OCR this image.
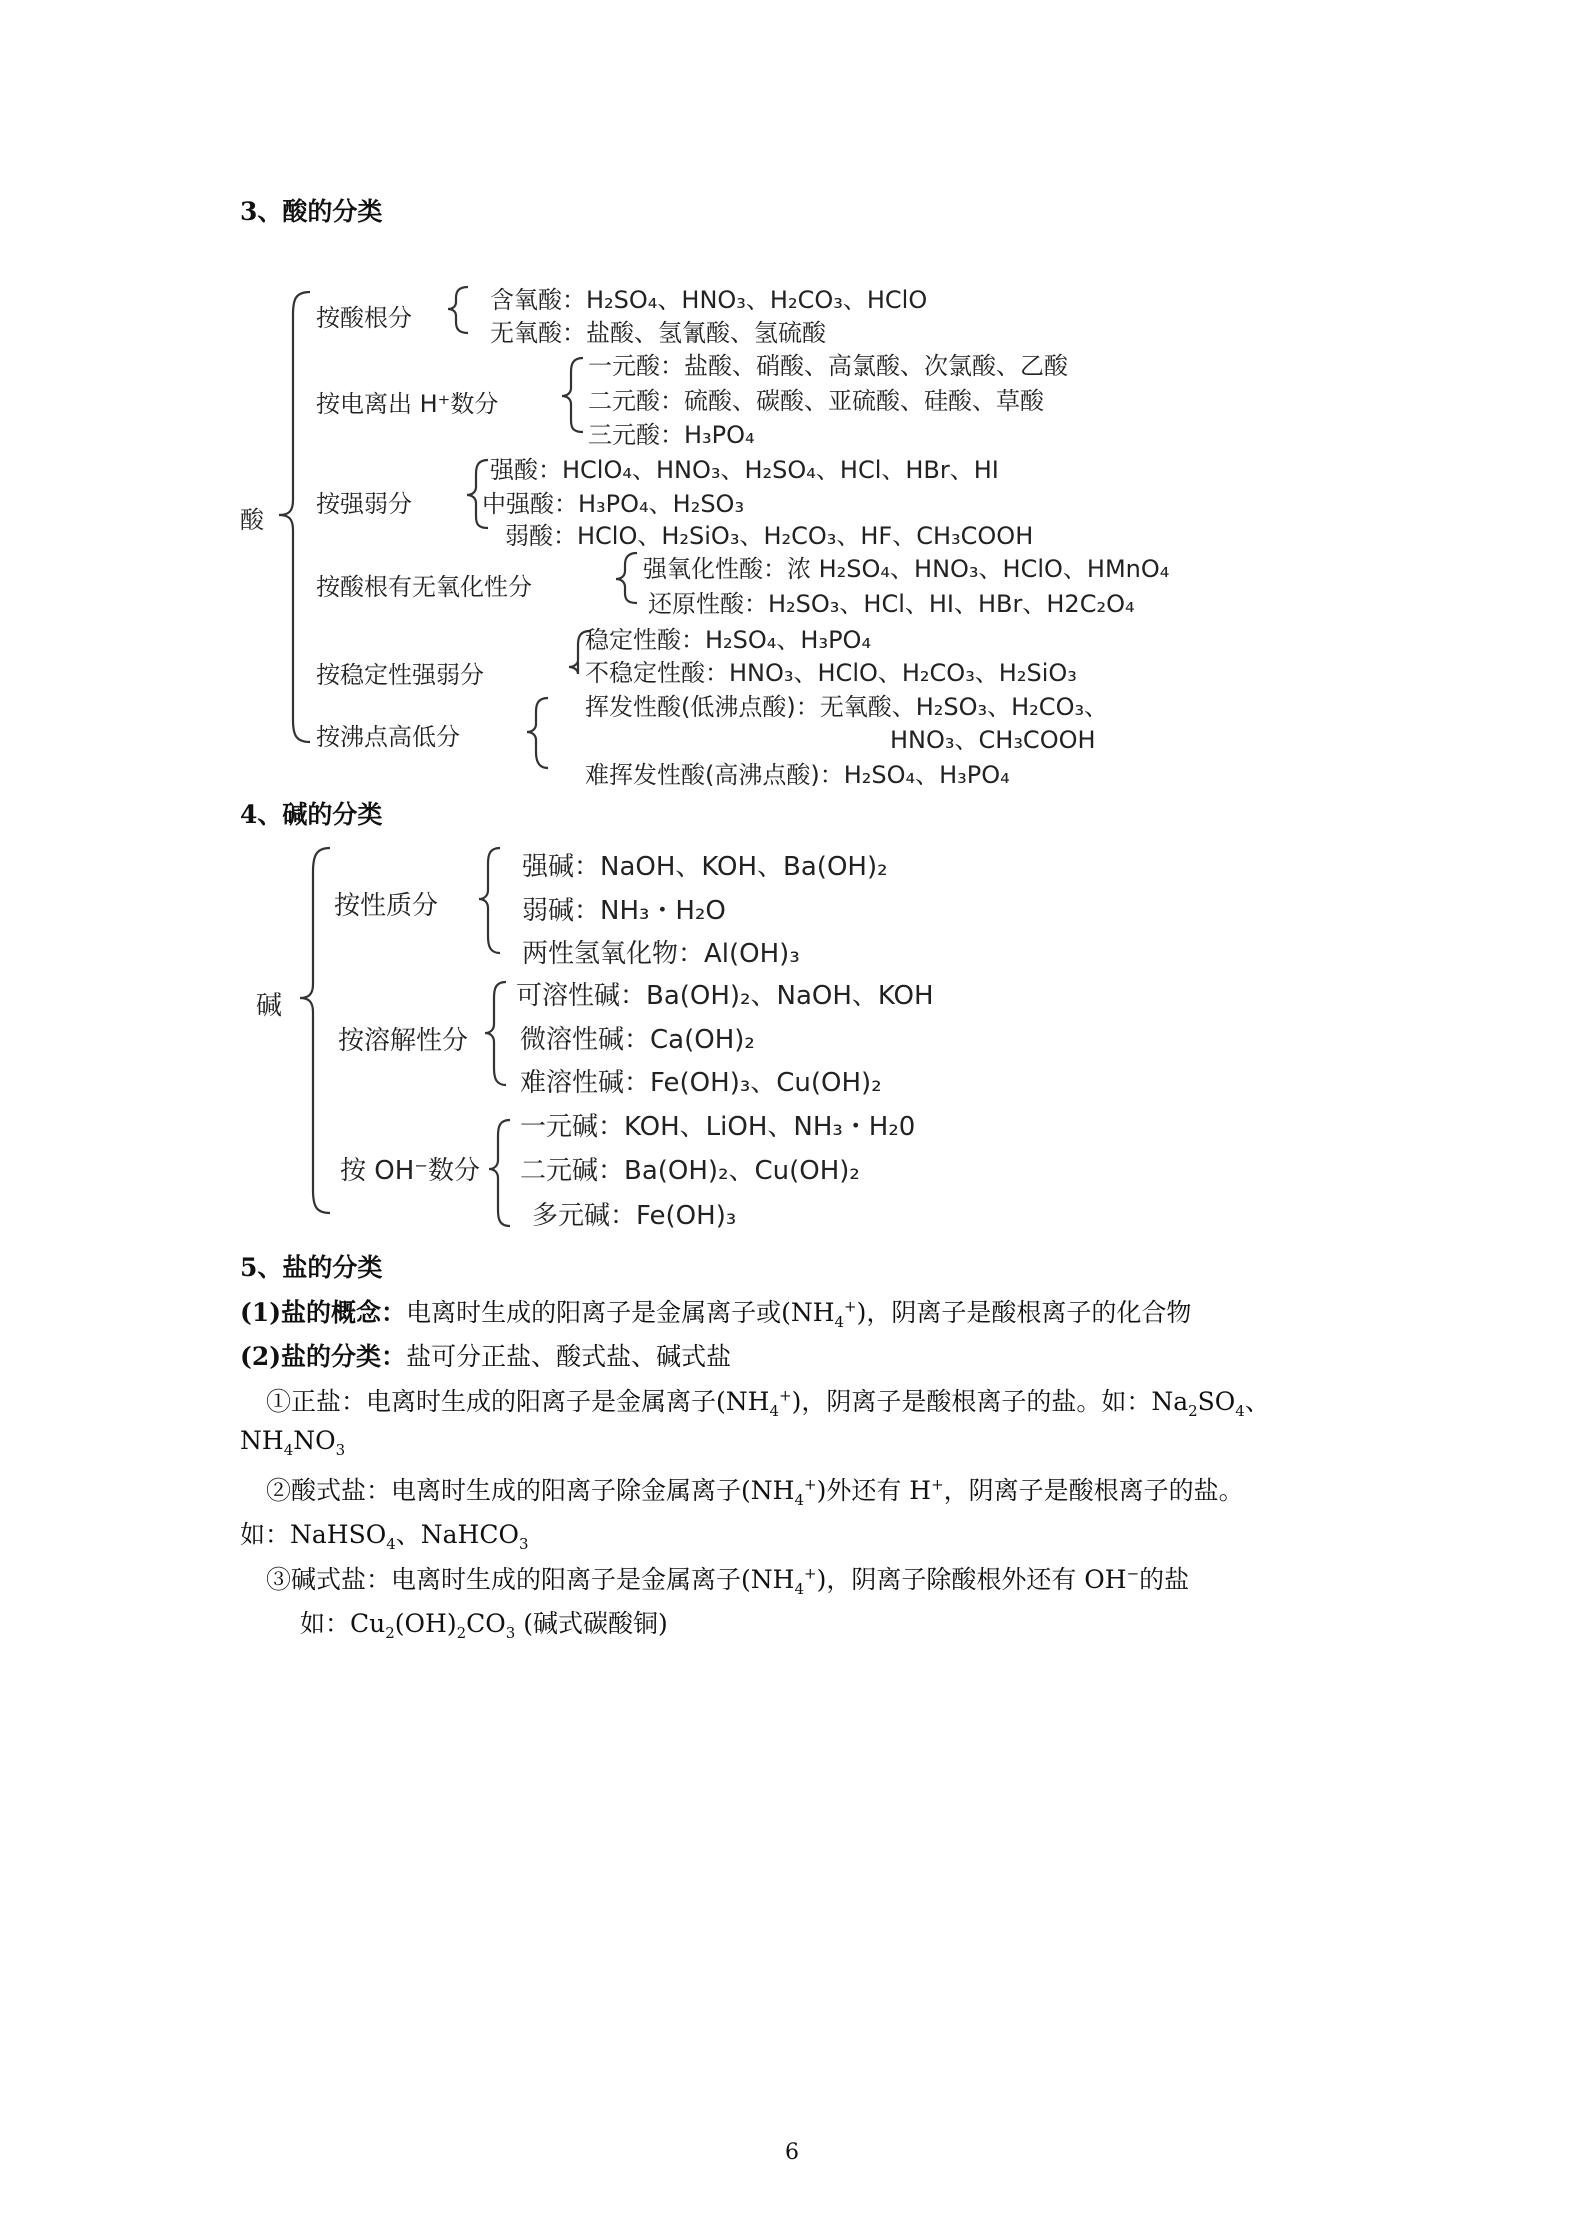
3、酸的分类
酸
按酸根分
含氧酸：H₂SO₄、HNO₃、H₂CO₃、HClO
无氧酸：盐酸、氢氰酸、氢硫酸
按电离出 H⁺数分
一元酸：盐酸、硝酸、高氯酸、次氯酸、乙酸
二元酸：硫酸、碳酸、亚硫酸、硅酸、草酸
三元酸：H₃PO₄
按强弱分
强酸：HClO₄、HNO₃、H₂SO₄、HCl、HBr、HI
中强酸：H₃PO₄、H₂SO₃
弱酸：HClO、H₂SiO₃、H₂CO₃、HF、CH₃COOH
按酸根有无氧化性分
强氧化性酸：浓 H₂SO₄、HNO₃、HClO、HMnO₄
还原性酸：H₂SO₃、HCl、HI、HBr、H2C₂O₄
按稳定性强弱分
稳定性酸：H₂SO₄、H₃PO₄
不稳定性酸：HNO₃、HClO、H₂CO₃、H₂SiO₃
按沸点高低分
挥发性酸(低沸点酸)：无氧酸、H₂SO₃、H₂CO₃、
HNO₃、CH₃COOH
难挥发性酸(高沸点酸)：H₂SO₄、H₃PO₄
4、碱的分类
碱
按性质分
强碱：NaOH、KOH、Ba(OH)₂
弱碱：NH₃・H₂O
两性氢氧化物：Al(OH)₃
按溶解性分
可溶性碱：Ba(OH)₂、NaOH、KOH
微溶性碱：Ca(OH)₂
难溶性碱：Fe(OH)₃、Cu(OH)₂
按 OH⁻数分
一元碱：KOH、LiOH、NH₃・H₂0
二元碱：Ba(OH)₂、Cu(OH)₂
多元碱：Fe(OH)₃
5、盐的分类
(1)盐的概念：电离时生成的阳离子是金属离子或$(NH_4^+)$，阴离子是酸根离子的化合物
(2)盐的分类：盐可分正盐、酸式盐、碱式盐
①正盐：电离时生成的阳离子是金属离子$(NH_4^+)$，阴离子是酸根离子的盐。如：$Na_2SO_4$、
$NH_4NO_3$
②酸式盐：电离时生成的阳离子除金属离子$(NH_4^+)$外还有 H+，阴离子是酸根离子的盐。
如：NaHSO$_4$、NaHCO$_3$
③碱式盐：电离时生成的阳离子是金属离子$(NH_4^+)$，阴离子除酸根外还有 OH−的盐
如：$Cu_2(OH)_2CO_3$ (碱式碳酸铜)
6
